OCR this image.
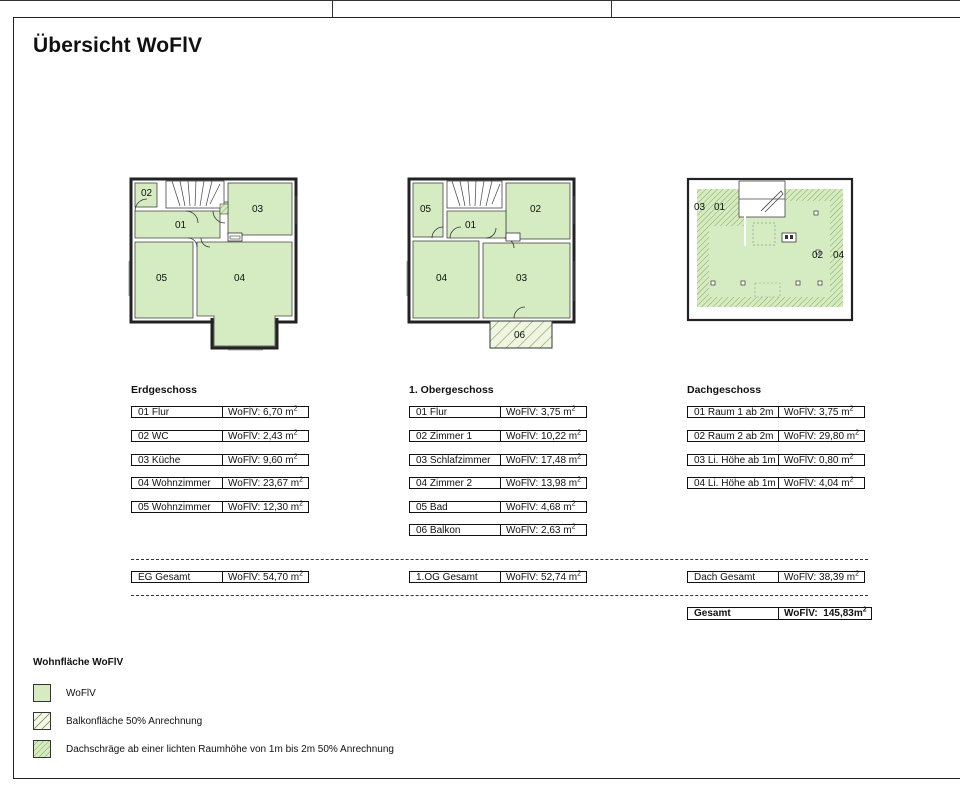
Übersicht WoFlV
02
03
01
05	04
05	02
01
04	03
06
03 01
02 04
Erdgeschoss	1. Obergeschoss	Dachgeschoss
01 Flur	WoFlV: 6,70 $m^2$
02 WC	WoFlV: 2,43 $m^2$
03 Küche	WoFlV: 9,60 $m^2$
04 Wohnzimmer	WoFlV: 23,67 $m^2$
05 Wohnzimmer	WoFlV: 12,30 $m^2$
01 Flur	WoFlV: 3,75 $m^2$
02 Zimmer 1	WoFlV: 10,22 $m^2$
03 Schlafzimmer	WoFlV: 17,48 $m^2$
04 Zimmer 2	WoFlV: 13,98 $m^2$
05 Bad	WoFlV: 4,68 $m^2$
06 Balkon	WoFlV: 2,63 $m^2$
01 Raum 1 ab 2m	WoFlV: 3,75 $m^2$
02 Raum 2 ab 2m	WoFlV: 29,80 $m^2$
03 Li. Höhe ab 1m WoFlV: 0,80 $m^2$
04 Li. Höhe ab 1m WoFlV: 4,04 $m^2$
EG Gesamt	WoFlV: 54,70 $m^2$	1.OG Gesamt	WoFlV: 52,74 $m^2$	Dach Gesamt	WoFlV: 38,39 $m^2$
Gesamt	WoFlV:  $145,83m^2$
Wohnfläche WoFlV
WoFlV
Balkonfläche 50% Anrechnung
Dachschräge ab einer lichten Raumhöhe von 1m bis 2m 50% Anrechnung
